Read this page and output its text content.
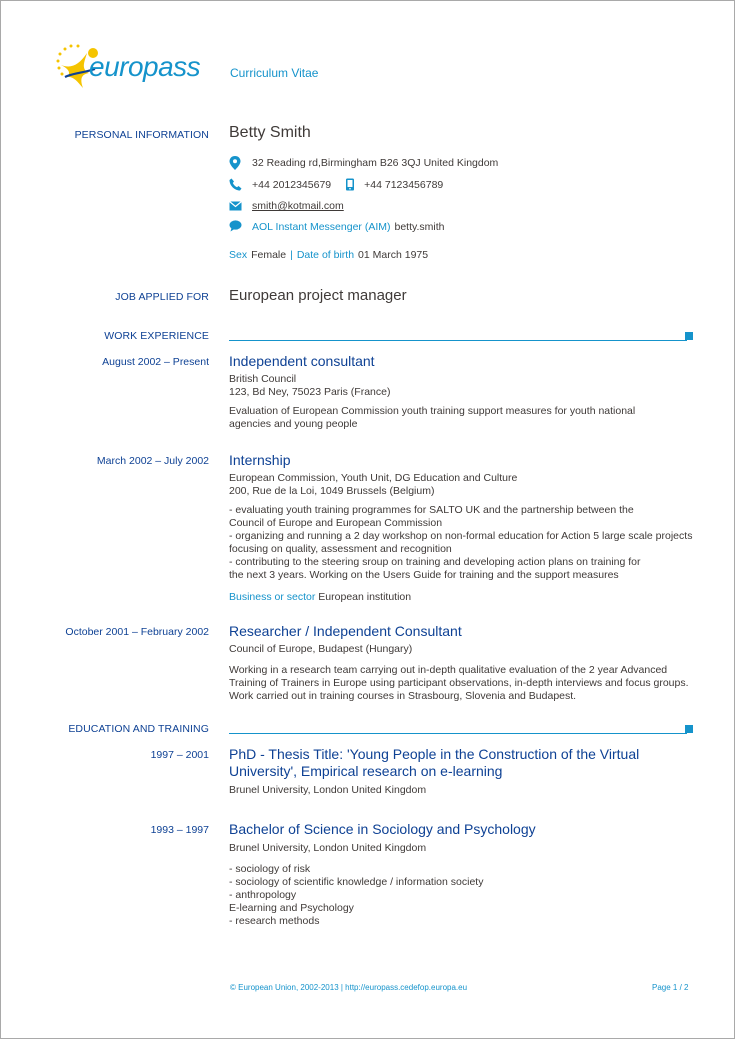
europass Curriculum Vitae
PERSONAL INFORMATION Betty Smith
32 Reading rd,Birmingham B26 3QJ United Kingdom
+44 2012345679	+44 7123456789
smith@kotmail.com
AOL Instant Messenger (AIM) betty.smith
Sex Female | Date of birth 01 March 1975
JOB APPLIED FOR European project manager
WORK EXPERIENCE
August 2002 – Present Independent consultant

British Council

123, Bd Ney, 75023 Paris (France)

Evaluation of European Commission youth training support measures for youth national

agencies and young people

March 2002 – July 2002 Internship

European Commission, Youth Unit, DG Education and Culture

200, Rue de la Loi, 1049 Brussels (Belgium)

- evaluating youth training programmes for SALTO UK and the partnership between the

Council of Europe and European Commission

- organizing and running a 2 day workshop on non-formal education for Action 5 large scale projects

focusing on quality, assessment and recognition

- contributing to the steering sroup on training and developing action plans on training for

the next 3 years. Working on the Users Guide for training and the support measures

Business or sector European institution

October 2001 – February 2002 Researcher / Independent Consultant

Council of Europe, Budapest (Hungary)

Working in a research team carrying out in-depth qualitative evaluation of the 2 year Advanced

Training of Trainers in Europe using participant observations, in-depth interviews and focus groups.

Work carried out in training courses in Strasbourg, Slovenia and Budapest.

EDUCATION AND TRAINING
1997 – 2001 PhD - Thesis Title: 'Young People in the Construction of the Virtual

University', Empirical research on e-learning

Brunel University, London United Kingdom

1993 – 1997 Bachelor of Science in Sociology and Psychology

Brunel University, London United Kingdom

- sociology of risk

- sociology of scientific knowledge / information society

- anthropology

E-learning and Psychology

- research methods

© European Union, 2002-2013 | http://europass.cedefop.europa.eu	Page 1 / 2
